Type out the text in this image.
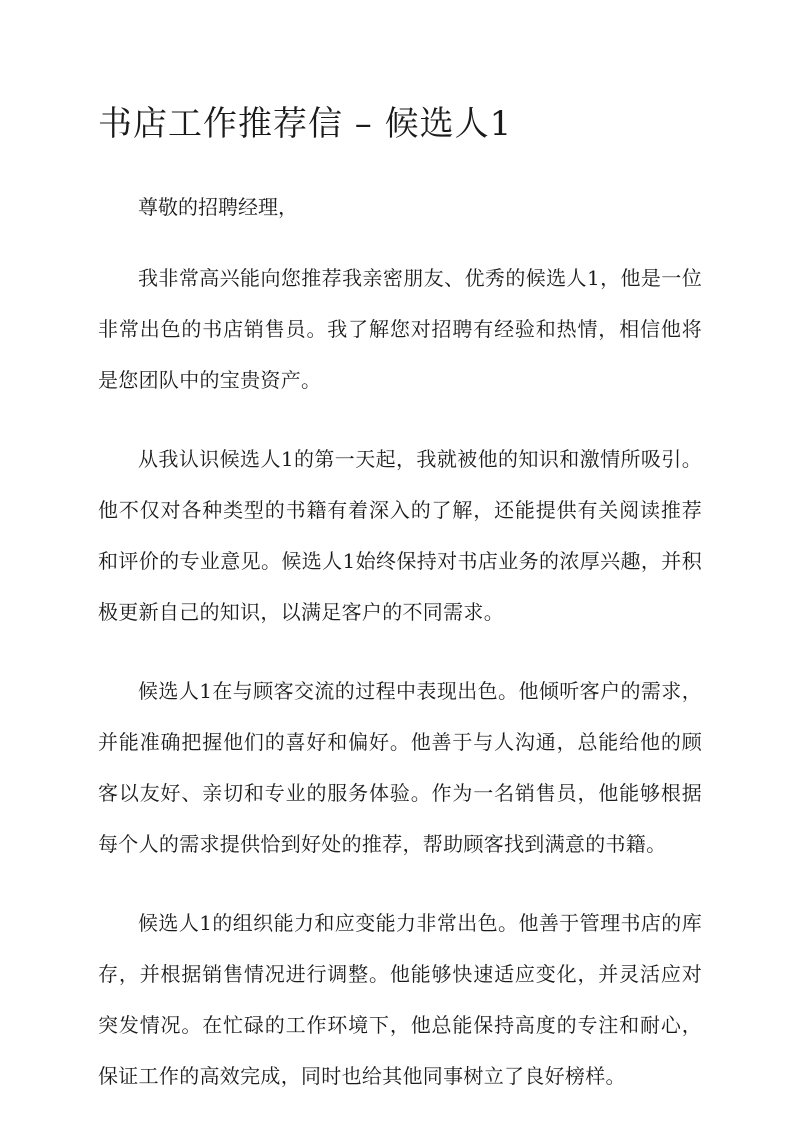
书店工作推荐信 – 候选人1

尊敬的招聘经理，

我非常高兴能向您推荐我亲密朋友、优秀的候选人1，他是一位非常出色的书店销售员。我了解您对招聘有经验和热情，相信他将是您团队中的宝贵资产。

从我认识候选人1的第一天起，我就被他的知识和激情所吸引。他不仅对各种类型的书籍有着深入的了解，还能提供有关阅读推荐和评价的专业意见。候选人1始终保持对书店业务的浓厚兴趣，并积极更新自己的知识，以满足客户的不同需求。

候选人1在与顾客交流的过程中表现出色。他倾听客户的需求，并能准确把握他们的喜好和偏好。他善于与人沟通，总能给他的顾客以友好、亲切和专业的服务体验。作为一名销售员，他能够根据每个人的需求提供恰到好处的推荐，帮助顾客找到满意的书籍。

候选人1的组织能力和应变能力非常出色。他善于管理书店的库存，并根据销售情况进行调整。他能够快速适应变化，并灵活应对突发情况。在忙碌的工作环境下，他总能保持高度的专注和耐心，保证工作的高效完成，同时也给其他同事树立了良好榜样。
